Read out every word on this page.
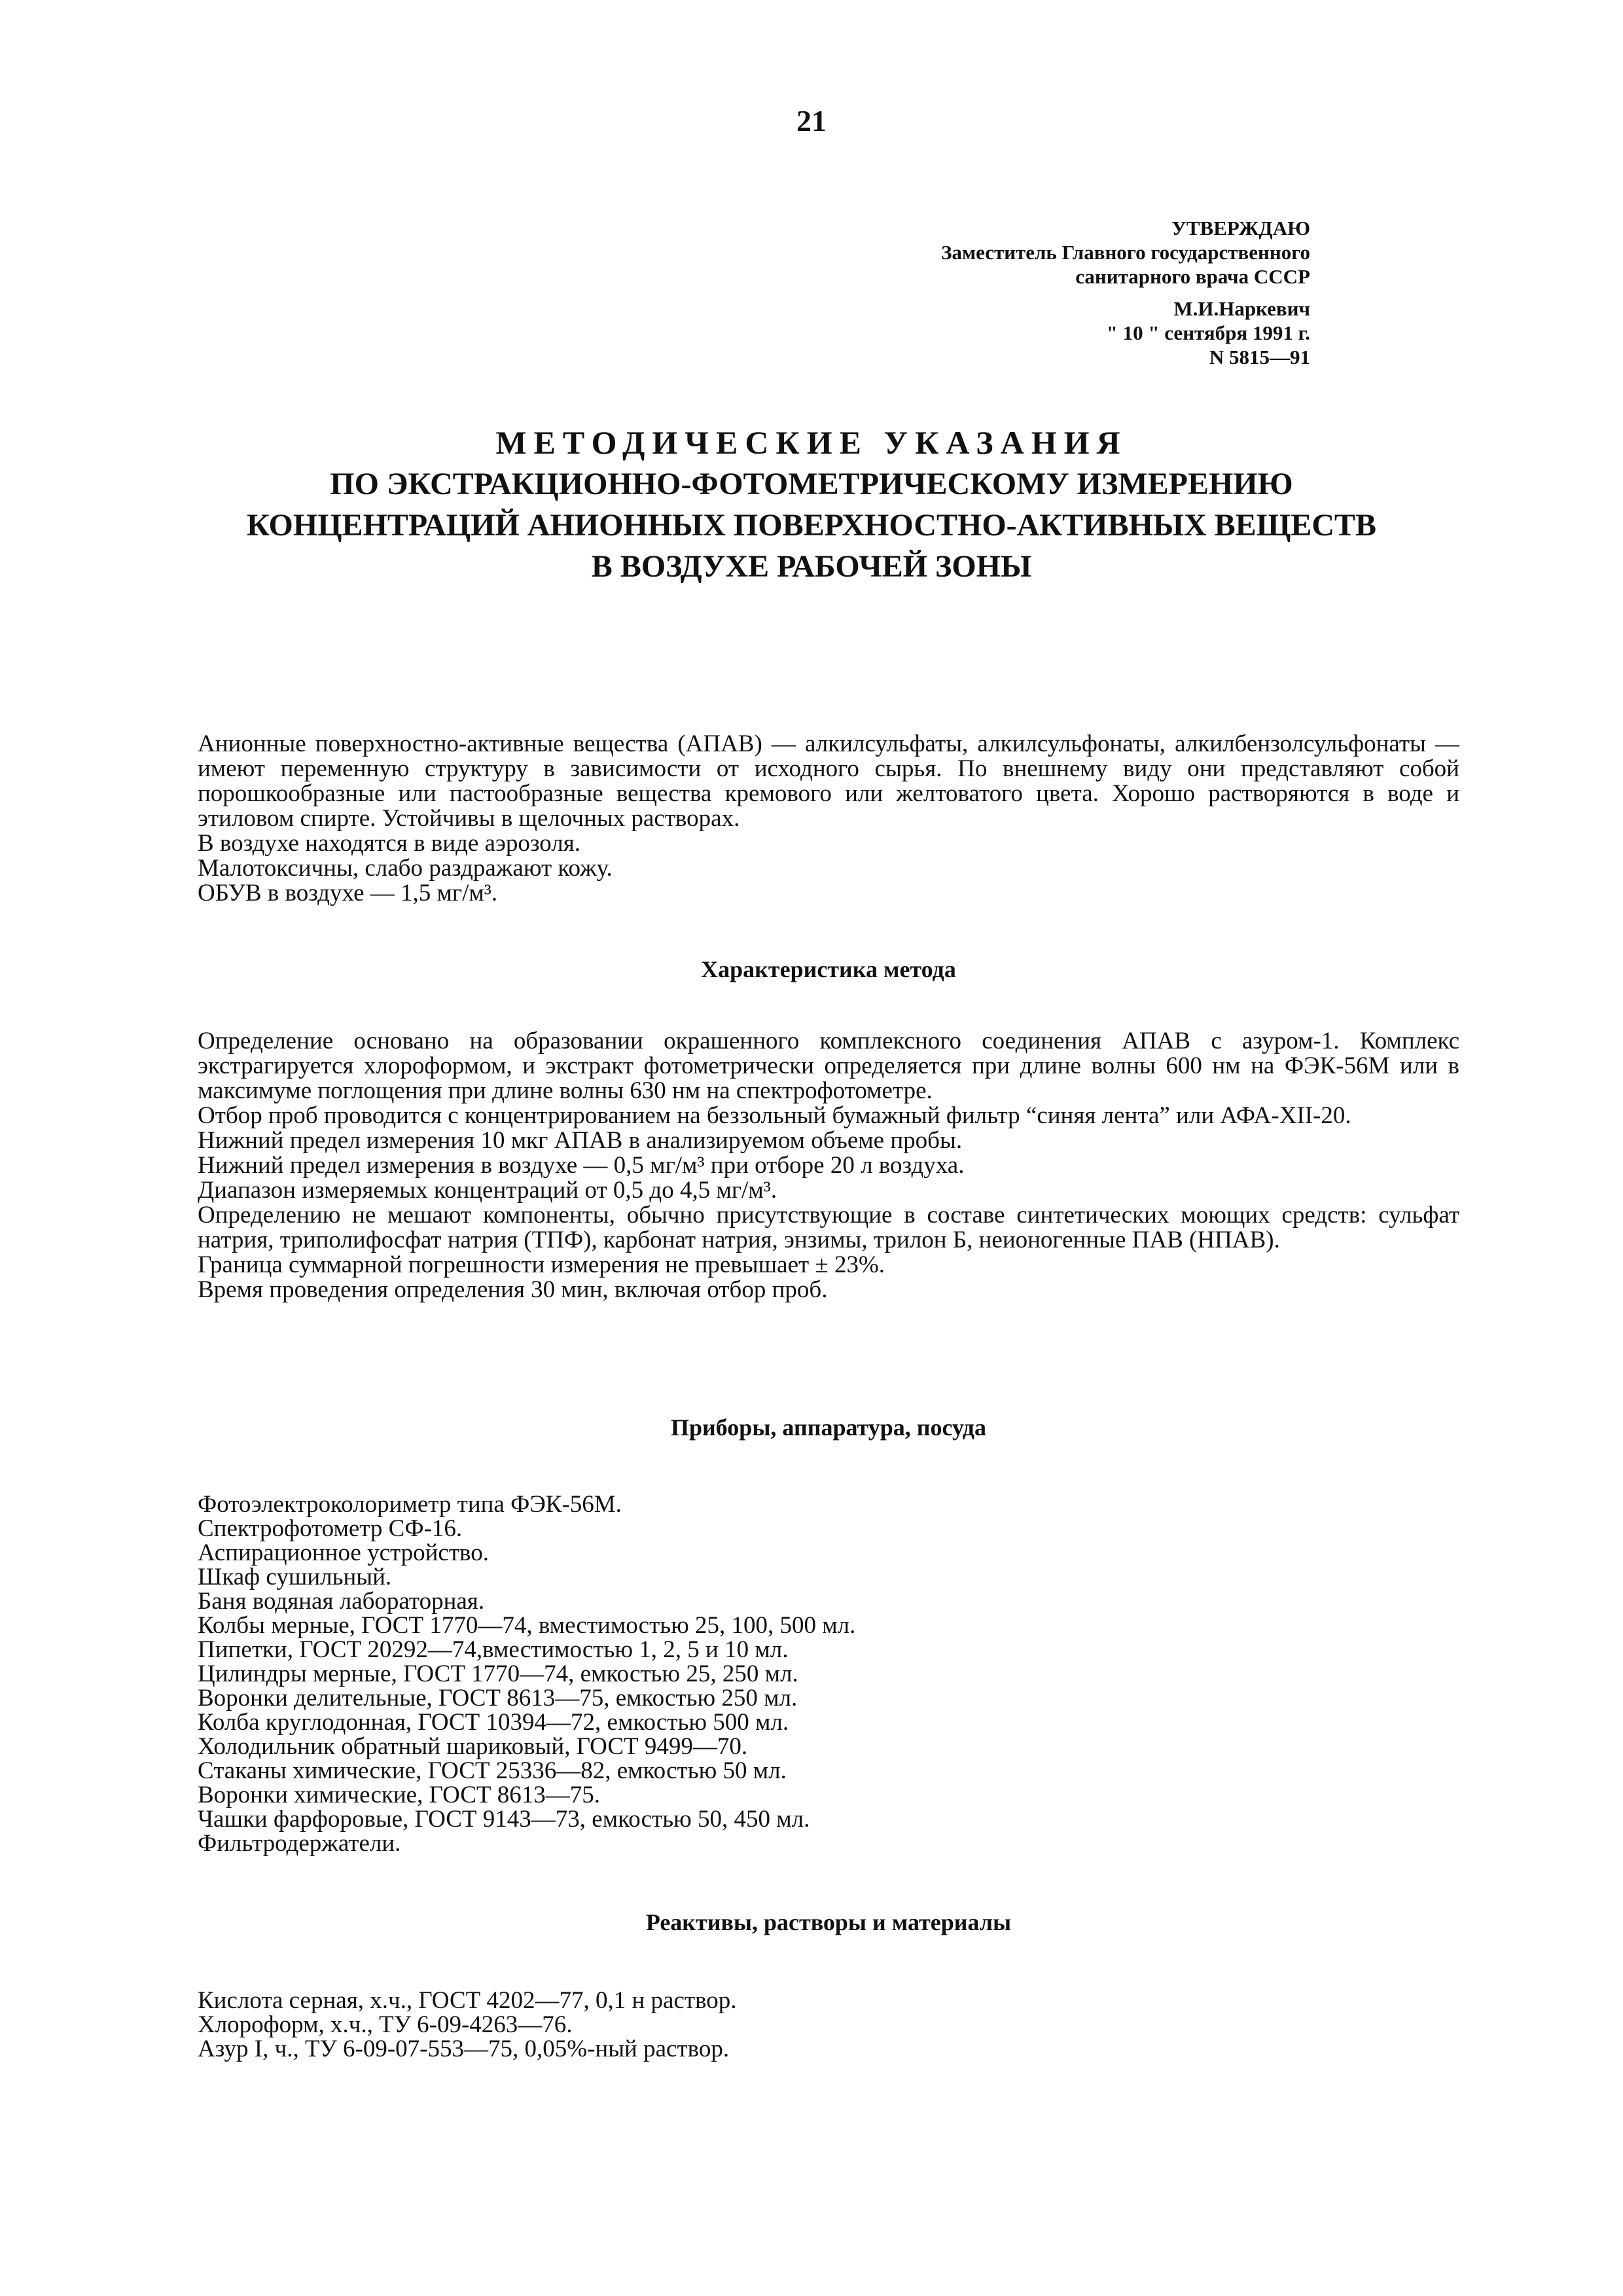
21
УТВЕРЖДАЮ
Заместитель Главного государственного
санитарного врача СССР
М.И.Наркевич
" 10 " сентября 1991 г.
N 5815—91
МЕТОДИЧЕСКИЕ УКАЗАНИЯ
ПО ЭКСТРАКЦИОННО-ФОТОМЕТРИЧЕСКОМУ ИЗМЕРЕНИЮ
КОНЦЕНТРАЦИЙ АНИОННЫХ ПОВЕРХНОСТНО-АКТИВНЫХ ВЕЩЕСТВ
В ВОЗДУХЕ РАБОЧЕЙ ЗОНЫ

Анионные поверхностно-активные вещества (АПАВ) — алкилсульфаты, алкилсульфонаты, алкилбензолсульфонаты — имеют переменную структуру в зависимости от исходного сырья. По внешнему виду они представляют собой порошкообразные или пастообразные вещества кремового или желтоватого цвета. Хорошо растворяются в воде и этиловом спирте. Устойчивы в щелочных растворах.

В воздухе находятся в виде аэрозоля.

Малотоксичны, слабо раздражают кожу.

ОБУВ в воздухе — 1,5 мг/м³.

Характеристика метода

Определение основано на образовании окрашенного комплексного соединения АПАВ с азуром-1. Комплекс экстрагируется хлороформом, и экстракт фотометрически определяется при длине волны 600 нм на ФЭК-56М или в максимуме поглощения при длине волны 630 нм на спектрофотометре.

Отбор проб проводится с концентрированием на беззольный бумажный фильтр “синяя лента” или АФА-ХII-20.

Нижний предел измерения 10 мкг АПАВ в анализируемом объеме пробы.

Нижний предел измерения в воздухе — 0,5 мг/м³ при отборе 20 л воздуха.

Диапазон измеряемых концентраций от 0,5 до 4,5 мг/м³.

Определению не мешают компоненты, обычно присутствующие в составе синтетических моющих средств: сульфат натрия, триполифосфат натрия (ТПФ), карбонат натрия, энзимы, трилон Б, неионогенные ПАВ (НПАВ).

Граница суммарной погрешности измерения не превышает ± 23%.

Время проведения определения 30 мин, включая отбор проб.

Приборы, аппаратура, посуда

Фотоэлектроколориметр типа ФЭК-56М.
Спектрофотометр СФ-16.
Аспирационное устройство.
Шкаф сушильный.
Баня водяная лабораторная.
Колбы мерные, ГОСТ 1770—74, вместимостью 25, 100, 500 мл.
Пипетки, ГОСТ 20292—74,вместимостью 1, 2, 5 и 10 мл.
Цилиндры мерные, ГОСТ 1770—74, емкостью 25, 250 мл.
Воронки делительные, ГОСТ 8613—75, емкостью 250 мл.
Колба круглодонная, ГОСТ 10394—72, емкостью 500 мл.
Холодильник обратный шариковый, ГОСТ 9499—70.
Стаканы химические, ГОСТ 25336—82, емкостью 50 мл.
Воронки химические, ГОСТ 8613—75.
Чашки фарфоровые, ГОСТ 9143—73, емкостью 50, 450 мл.
Фильтродержатели.

Реактивы, растворы и материалы

Кислота серная, х.ч., ГОСТ 4202—77, 0,1 н раствор.
Хлороформ, х.ч., ТУ 6-09-4263—76.
Азур I, ч., ТУ 6-09-07-553—75, 0,05%-ный раствор.
